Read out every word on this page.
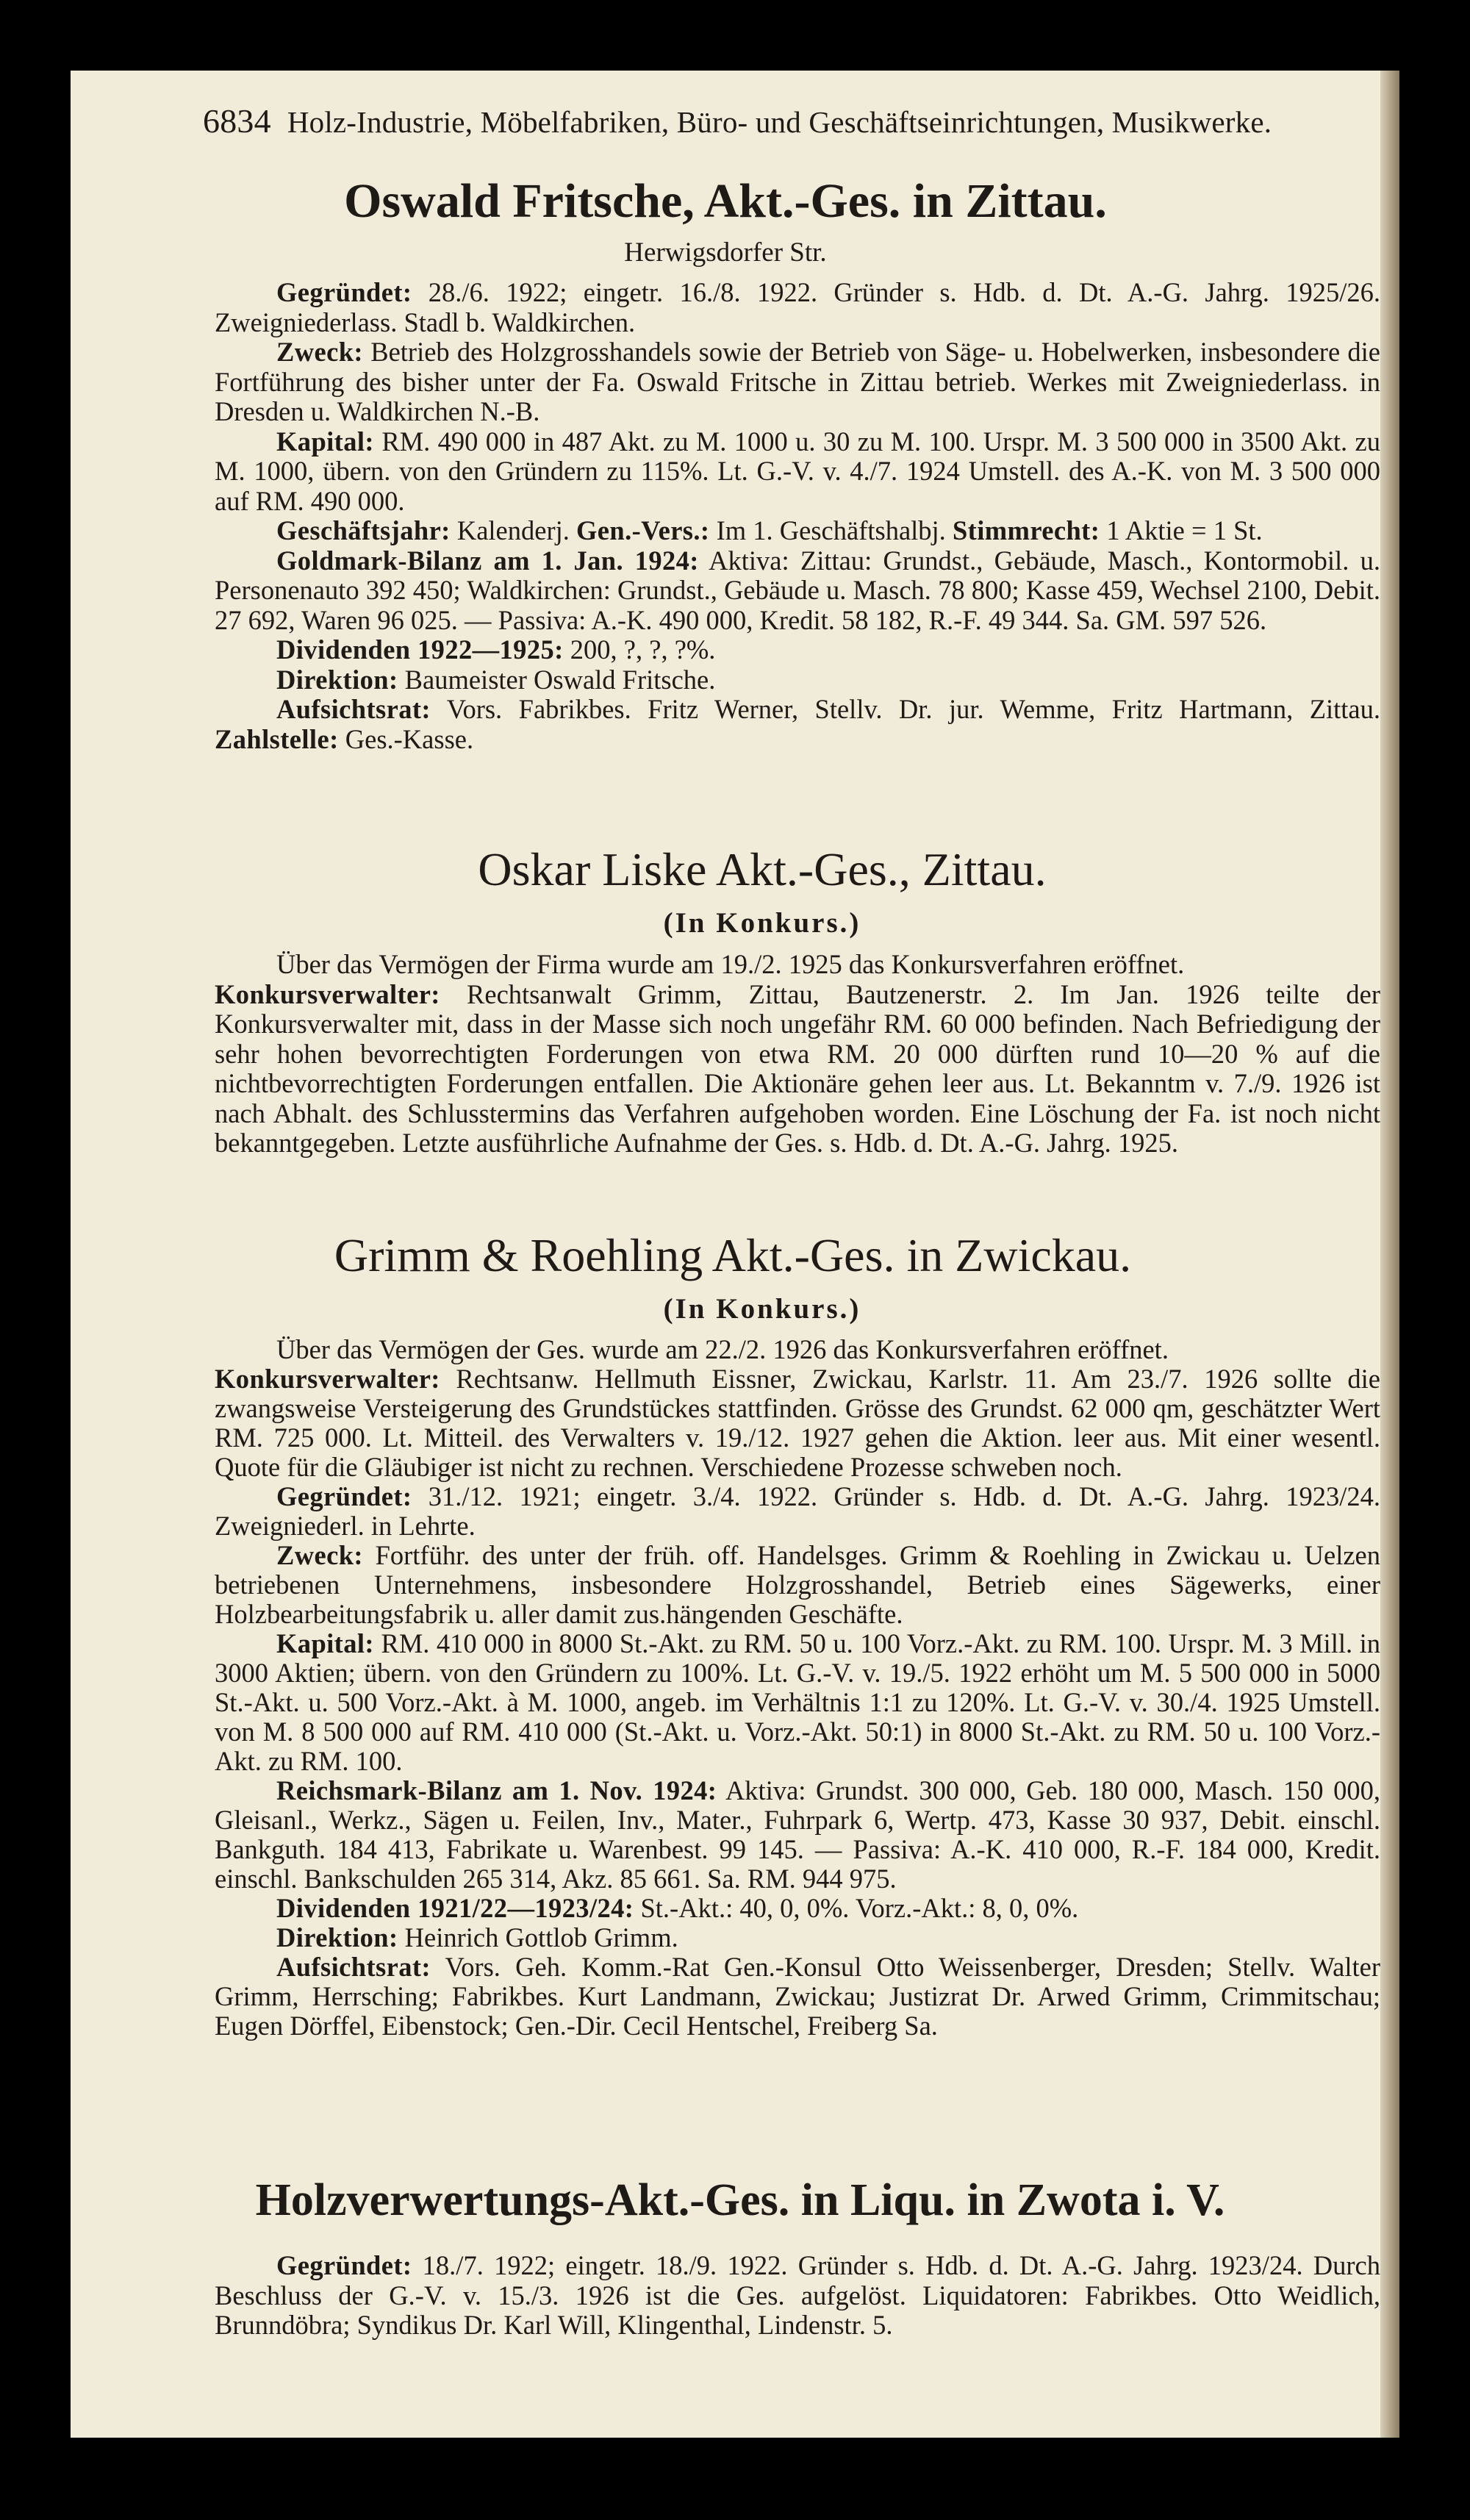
6834 Holz-Industrie, Möbelfabriken, Büro- und Geschäftseinrichtungen, Musikwerke.
Oswald Fritsche, Akt.-Ges. in Zittau.
Herwigsdorfer Str.

Gegründet: 28./6. 1922; eingetr. 16./8. 1922. Gründer s. Hdb. d. Dt. A.-G. Jahrg. 1925/26. Zweigniederlass. Stadl b. Waldkirchen.

Zweck: Betrieb des Holzgrosshandels sowie der Betrieb von Säge- u. Hobelwerken, insbesondere die Fortführung des bisher unter der Fa. Oswald Fritsche in Zittau betrieb. Werkes mit Zweigniederlass. in Dresden u. Waldkirchen N.-B.

Kapital: RM. 490 000 in 487 Akt. zu M. 1000 u. 30 zu M. 100. Urspr. M. 3 500 000 in 3500 Akt. zu M. 1000, übern. von den Gründern zu 115%. Lt. G.-V. v. 4./7. 1924 Umstell. des A.-K. von M. 3 500 000 auf RM. 490 000.

Geschäftsjahr: Kalenderj. Gen.-Vers.: Im 1. Geschäftshalbj. Stimmrecht: 1 Aktie = 1 St.

Goldmark-Bilanz am 1. Jan. 1924: Aktiva: Zittau: Grundst., Gebäude, Masch., Kontormobil. u. Personenauto 392 450; Waldkirchen: Grundst., Gebäude u. Masch. 78 800; Kasse 459, Wechsel 2100, Debit. 27 692, Waren 96 025. — Passiva: A.-K. 490 000, Kredit. 58 182, R.-F. 49 344. Sa. GM. 597 526.

Dividenden 1922—1925: 200, ?, ?, ?%.

Direktion: Baumeister Oswald Fritsche.

Aufsichtsrat: Vors. Fabrikbes. Fritz Werner, Stellv. Dr. jur. Wemme, Fritz Hartmann, Zittau. Zahlstelle: Ges.-Kasse.

Oskar Liske Akt.-Ges., Zittau.
(In Konkurs.)

Über das Vermögen der Firma wurde am 19./2. 1925 das Konkursverfahren eröffnet.

Konkursverwalter: Rechtsanwalt Grimm, Zittau, Bautzenerstr. 2. Im Jan. 1926 teilte der Konkursverwalter mit, dass in der Masse sich noch ungefähr RM. 60 000 befinden. Nach Befriedigung der sehr hohen bevorrechtigten Forderungen von etwa RM. 20 000 dürften rund 10—20 % auf die nichtbevorrechtigten Forderungen entfallen. Die Aktionäre gehen leer aus. Lt. Bekanntm v. 7./9. 1926 ist nach Abhalt. des Schlusstermins das Verfahren aufgehoben worden. Eine Löschung der Fa. ist noch nicht bekanntgegeben. Letzte ausführliche Aufnahme der Ges. s. Hdb. d. Dt. A.-G. Jahrg. 1925.

Grimm & Roehling Akt.-Ges. in Zwickau.
(In Konkurs.)

Über das Vermögen der Ges. wurde am 22./2. 1926 das Konkursverfahren eröffnet.

Konkursverwalter: Rechtsanw. Hellmuth Eissner, Zwickau, Karlstr. 11. Am 23./7. 1926 sollte die zwangsweise Versteigerung des Grundstückes stattfinden. Grösse des Grundst. 62 000 qm, geschätzter Wert RM. 725 000. Lt. Mitteil. des Verwalters v. 19./12. 1927 gehen die Aktion. leer aus. Mit einer wesentl. Quote für die Gläubiger ist nicht zu rechnen. Verschiedene Prozesse schweben noch.

Gegründet: 31./12. 1921; eingetr. 3./4. 1922. Gründer s. Hdb. d. Dt. A.-G. Jahrg. 1923/24. Zweigniederl. in Lehrte.

Zweck: Fortführ. des unter der früh. off. Handelsges. Grimm & Roehling in Zwickau u. Uelzen betriebenen Unternehmens, insbesondere Holzgrosshandel, Betrieb eines Sägewerks, einer Holzbearbeitungsfabrik u. aller damit zus.hängenden Geschäfte.

Kapital: RM. 410 000 in 8000 St.-Akt. zu RM. 50 u. 100 Vorz.-Akt. zu RM. 100. Urspr. M. 3 Mill. in 3000 Aktien; übern. von den Gründern zu 100%. Lt. G.-V. v. 19./5. 1922 erhöht um M. 5 500 000 in 5000 St.-Akt. u. 500 Vorz.-Akt. à M. 1000, angeb. im Verhältnis 1:1 zu 120%. Lt. G.-V. v. 30./4. 1925 Umstell. von M. 8 500 000 auf RM. 410 000 (St.-Akt. u. Vorz.-Akt. 50:1) in 8000 St.-Akt. zu RM. 50 u. 100 Vorz.-Akt. zu RM. 100.

Reichsmark-Bilanz am 1. Nov. 1924: Aktiva: Grundst. 300 000, Geb. 180 000, Masch. 150 000, Gleisanl., Werkz., Sägen u. Feilen, Inv., Mater., Fuhrpark 6, Wertp. 473, Kasse 30 937, Debit. einschl. Bankguth. 184 413, Fabrikate u. Warenbest. 99 145. — Passiva: A.-K. 410 000, R.-F. 184 000, Kredit. einschl. Bankschulden 265 314, Akz. 85 661. Sa. RM. 944 975.

Dividenden 1921/22—1923/24: St.-Akt.: 40, 0, 0%. Vorz.-Akt.: 8, 0, 0%.

Direktion: Heinrich Gottlob Grimm.

Aufsichtsrat: Vors. Geh. Komm.-Rat Gen.-Konsul Otto Weissenberger, Dresden; Stellv. Walter Grimm, Herrsching; Fabrikbes. Kurt Landmann, Zwickau; Justizrat Dr. Arwed Grimm, Crimmitschau; Eugen Dörffel, Eibenstock; Gen.-Dir. Cecil Hentschel, Freiberg Sa.

Holzverwertungs-Akt.-Ges. in Liqu. in Zwota i. V.

Gegründet: 18./7. 1922; eingetr. 18./9. 1922. Gründer s. Hdb. d. Dt. A.-G. Jahrg. 1923/24. Durch Beschluss der G.-V. v. 15./3. 1926 ist die Ges. aufgelöst. Liquidatoren: Fabrikbes. Otto Weidlich, Brunndöbra; Syndikus Dr. Karl Will, Klingenthal, Lindenstr. 5.
